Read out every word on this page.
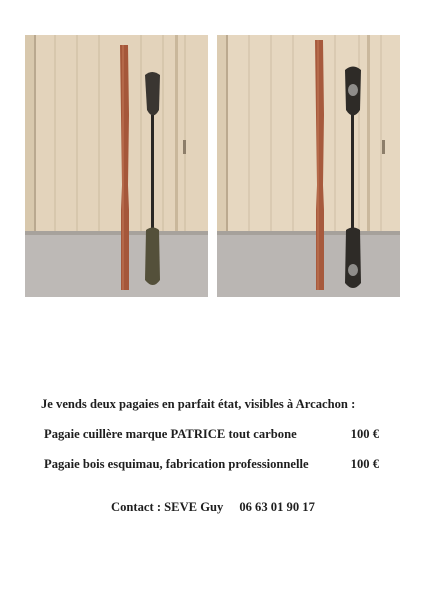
Je vends deux pagaies en parfait état, visibles à Arcachon :
Pagaie cuillère marque PATRICE tout carbone	100 €
Pagaie bois esquimau, fabrication professionnelle	100 €
Contact : SEVE Guy 06 63 01 90 17
